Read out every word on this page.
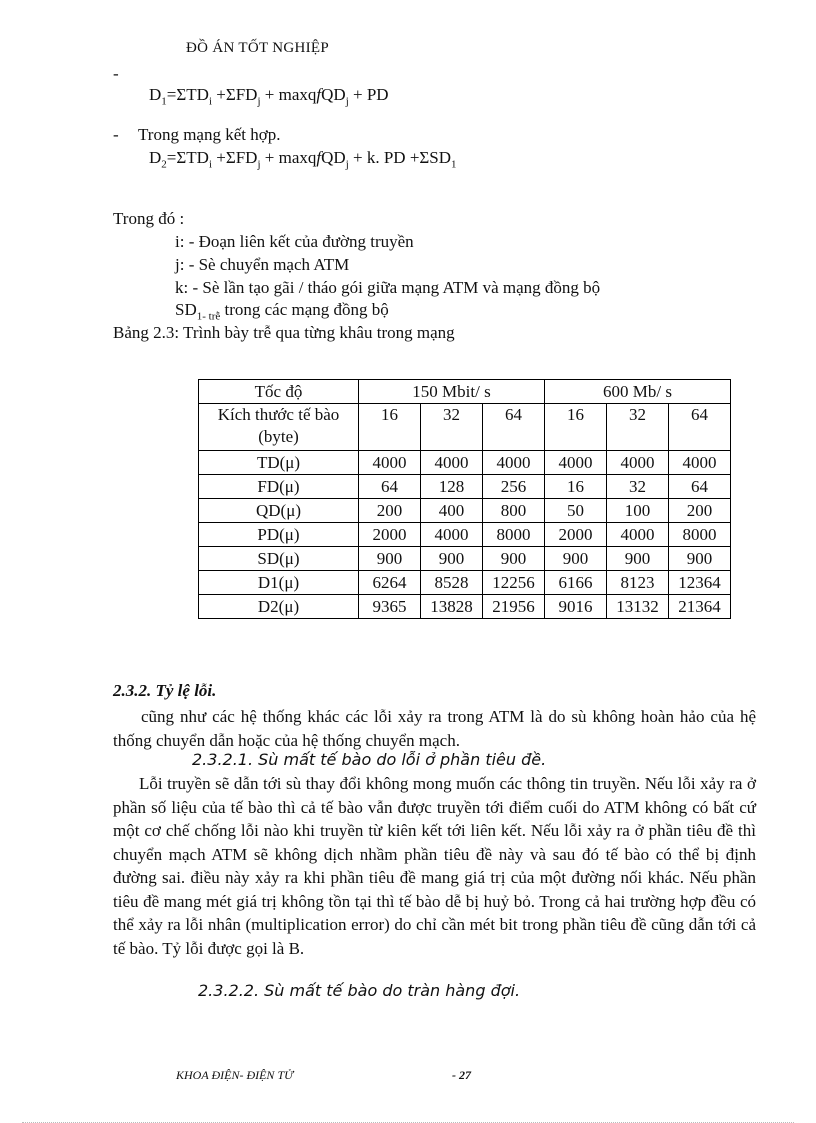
ĐỒ ÁN TỐT NGHIỆP
-
$D_1=\Sigma TD_i +\Sigma FD_j$ + maxqfQD$_j$ + PD
- Trong mạng kết hợp.
$D_2=\Sigma TD_i +\Sigma FD_j$ + maxqfQD$_j$ + k. PD $+\Sigma SD_1$
Trong đó :
i: - Đoạn liên kết của đường truyền
j: - Sè chuyển mạch ATM
k: - Sè lần tạo gãi / tháo gói giữa mạng ATM và mạng đồng bộ
$SD_{1- trễ}$ trong các mạng đồng bộ
Bảng 2.3: Trình bày trễ qua từng khâu trong mạng
Tốc độ	150 Mbit/ s			600 Mb/ s		
Kích thước tế bào (byte)	16	32	64	16	32	64
TD(μ)	4000	4000	4000	4000	4000	4000
FD(μ)	64	128	256	16	32	64
QD(μ)	200	400	800	50	100	200
PD(μ)	2000	4000	8000	2000	4000	8000
SD(μ)	900	900	900	900	900	900
D1(μ)	6264	8528	12256	6166	8123	12364
D2(μ)	9365	13828	21956	9016	13132	21364
2.3.2. Tỷ lệ lỗi.
cũng như các hệ thống khác các lỗi xảy ra trong ATM là do sù không hoàn hảo của hệ thống chuyển dẫn hoặc của hệ thống chuyển mạch.
2.3.2.1. Sù mất tế bào do lỗi ở phần tiêu đề.
Lỗi truyền sẽ dẫn tới sù thay đổi không mong muốn các thông tin truyền. Nếu lỗi xảy ra ở phần số liệu của tế bào thì cả tế bào vẫn được truyền tới điểm cuối do ATM không có bất cứ một cơ chế chống lỗi nào khi truyền từ kiên kết tới liên kết. Nếu lỗi xảy ra ở phần tiêu đề thì chuyển mạch ATM sẽ không dịch nhầm phần tiêu đề này và sau đó tế bào có thể bị định đường sai. điều này xảy ra khi phần tiêu đề mang giá trị của một đường nối khác. Nếu phần tiêu đề mang mét giá trị không tồn tại thì tế bào dễ bị huỷ bỏ. Trong cả hai trường hợp đều có thể xảy ra lỗi nhân (multiplication error) do chỉ cần mét bit trong phần tiêu đề cũng dẫn tới cả tế bào. Tỷ lỗi được gọi là B.
2.3.2.2. Sù mất tế bào do tràn hàng đợi.
KHOA ĐIỆN- ĐIỆN TỬ	- 27
